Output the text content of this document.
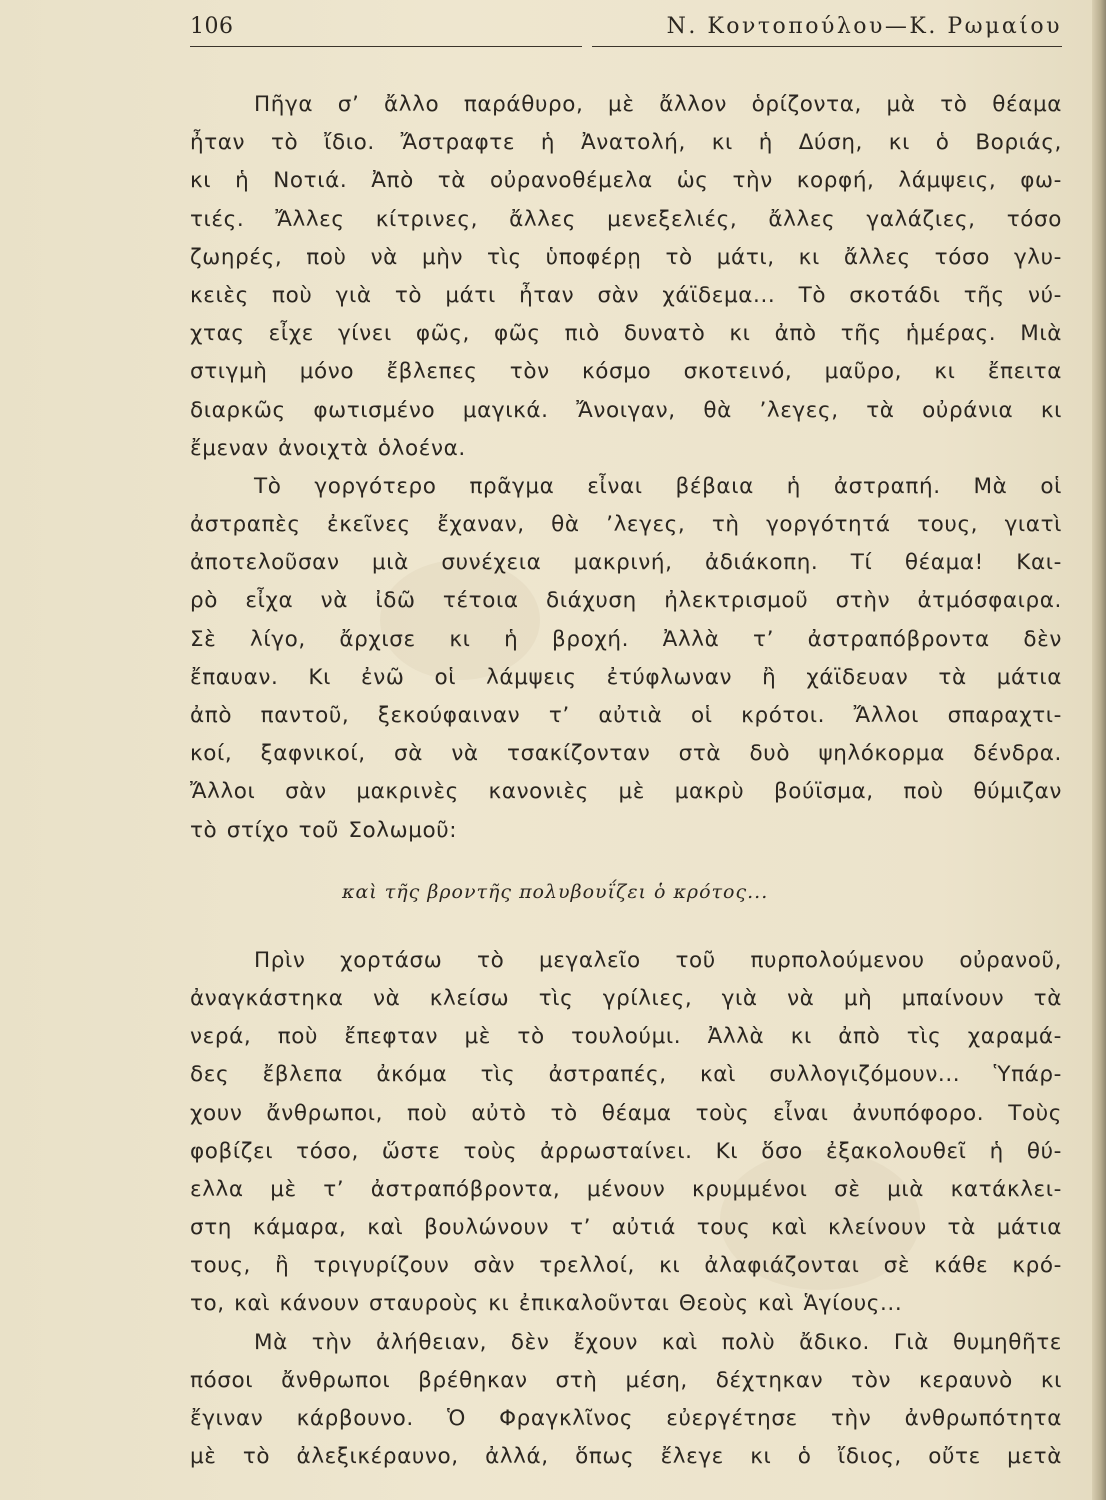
106	Ν. Κοντοπούλου—Κ. Ρωμαίου
Πῆγα σ’ ἄλλο παράθυρο, μὲ ἄλλον ὁρίζοντα, μὰ τὸ θέαμα
ἦταν τὸ ἴδιο. Ἄστραφτε ἡ Ἀνατολή, κι ἡ Δύση, κι ὁ Βοριάς,
κι ἡ Νοτιά. Ἀπὸ τὰ οὐρανοθέμελα ὡς τὴν κορφή, λάμψεις, φω-
τιές. Ἄλλες κίτρινες, ἄλλες μενεξελιές, ἄλλες γαλάζιες, τόσο
ζωηρές, ποὺ νὰ μὴν τὶς ὑποφέρῃ τὸ μάτι, κι ἄλλες τόσο γλυ-
κειὲς ποὺ γιὰ τὸ μάτι ἦταν σὰν χάϊδεμα... Τὸ σκοτάδι τῆς νύ-
χτας εἶχε γίνει φῶς, φῶς πιὸ δυνατὸ κι ἀπὸ τῆς ἡμέρας. Μιὰ
στιγμὴ μόνο ἔβλεπες τὸν κόσμο σκοτεινό, μαῦρο, κι ἔπειτα
διαρκῶς φωτισμένο μαγικά. Ἄνοιγαν, θὰ ’λεγες, τὰ οὐράνια κι
ἔμεναν ἀνοιχτὰ ὁλοένα.
Τὸ γοργότερο πρᾶγμα εἶναι βέβαια ἡ ἀστραπή. Μὰ οἱ
ἀστραπὲς ἐκεῖνες ἔχαναν, θὰ ’λεγες, τὴ γοργότητά τους, γιατὶ
ἀποτελοῦσαν μιὰ συνέχεια μακρινή, ἀδιάκοπη. Τί θέαμα! Και-
ρὸ εἶχα νὰ ἰδῶ τέτοια διάχυση ἠλεκτρισμοῦ στὴν ἀτμόσφαιρα.
Σὲ λίγο, ἄρχισε κι ἡ βροχή. Ἀλλὰ τ’ ἀστραπόβροντα δὲν
ἔπαυαν. Κι ἐνῶ οἱ λάμψεις ἐτύφλωναν ἢ χάϊδευαν τὰ μάτια
ἀπὸ παντοῦ, ξεκούφαιναν τ’ αὐτιὰ οἱ κρότοι. Ἄλλοι σπαραχτι-
κοί, ξαφνικοί, σὰ νὰ τσακίζονταν στὰ δυὸ ψηλόκορμα δένδρα.
Ἄλλοι σὰν μακρινὲς κανονιὲς μὲ μακρὺ βούϊσμα, ποὺ θύμιζαν
τὸ στίχο τοῦ Σολωμοῦ:
καὶ τῆς βροντῆς πολυβουΐζει ὁ κρότος...
Πρὶν χορτάσω τὸ μεγαλεῖο τοῦ πυρπολούμενου οὐρανοῦ,
ἀναγκάστηκα νὰ κλείσω τὶς γρίλιες, γιὰ νὰ μὴ μπαίνουν τὰ
νερά, ποὺ ἔπεφταν μὲ τὸ τουλούμι. Ἀλλὰ κι ἀπὸ τὶς χαραμά-
δες ἔβλεπα ἀκόμα τὶς ἀστραπές, καὶ συλλογιζόμουν... Ὑπάρ-
χουν ἄνθρωποι, ποὺ αὐτὸ τὸ θέαμα τοὺς εἶναι ἀνυπόφορο. Τοὺς
φοβίζει τόσο, ὥστε τοὺς ἀρρωσταίνει. Κι ὅσο ἐξακολουθεῖ ἡ θύ-
ελλα μὲ τ’ ἀστραπόβροντα, μένουν κρυμμένοι σὲ μιὰ κατάκλει-
στη κάμαρα, καὶ βουλώνουν τ’ αὐτιά τους καὶ κλείνουν τὰ μάτια
τους, ἢ τριγυρίζουν σὰν τρελλοί, κι ἀλαφιάζονται σὲ κάθε κρό-
το, καὶ κάνουν σταυροὺς κι ἐπικαλοῦνται Θεοὺς καὶ Ἁγίους...
Μὰ τὴν ἀλήθειαν, δὲν ἔχουν καὶ πολὺ ἄδικο. Γιὰ θυμηθῆτε
πόσοι ἄνθρωποι βρέθηκαν στὴ μέση, δέχτηκαν τὸν κεραυνὸ κι
ἔγιναν κάρβουνο. Ὁ Φραγκλῖνος εὐεργέτησε τὴν ἀνθρωπότητα
μὲ τὸ ἀλεξικέραυνο, ἀλλά, ὅπως ἔλεγε κι ὁ ἴδιος, οὔτε μετὰ
